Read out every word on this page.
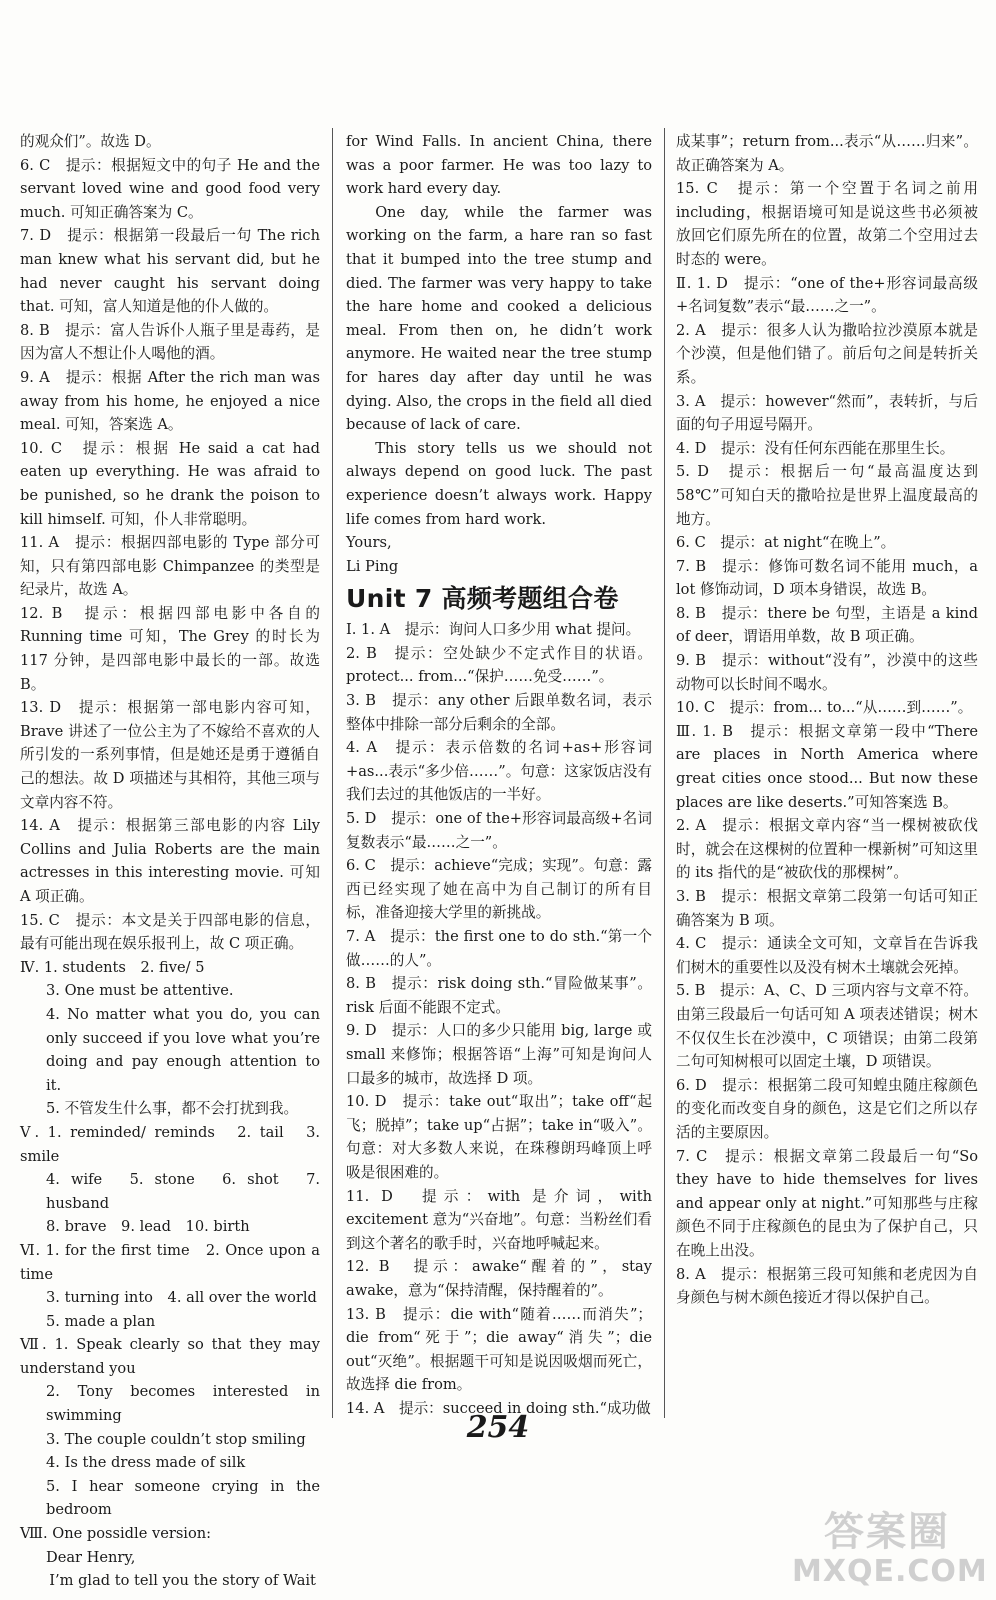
的观众们”。故选 D。

6. C　提示：根据短文中的句子 He and the servant loved wine and good food very much. 可知正确答案为 C。

7. D　提示：根据第一段最后一句 The rich man knew what his servant did, but he had never caught his servant doing that. 可知，富人知道是他的仆人做的。

8. B　提示：富人告诉仆人瓶子里是毒药，是因为富人不想让仆人喝他的酒。

9. A　提示：根据 After the rich man was away from his home, he enjoyed a nice meal. 可知，答案选 A。

10. C　提示：根据 He said a cat had eaten up everything. He was afraid to be punished, so he drank the poison to kill himself. 可知，仆人非常聪明。

11. A　提示：根据四部电影的 Type 部分可知，只有第四部电影 Chimpanzee 的类型是纪录片，故选 A。

12. B　提示：根据四部电影中各自的 Running time 可知，The Grey 的时长为 117 分钟，是四部电影中最长的一部。故选 B。

13. D　提示：根据第一部电影内容可知，Brave 讲述了一位公主为了不嫁给不喜欢的人所引发的一系列事情，但是她还是勇于遵循自己的想法。故 D 项描述与其相符，其他三项与文章内容不符。

14. A　提示：根据第三部电影的内容 Lily Collins and Julia Roberts are the main actresses in this interesting movie. 可知 A 项正确。

15. C　提示：本文是关于四部电影的信息，最有可能出现在娱乐报刊上，故 C 项正确。

Ⅳ. 1. students　2. five/ 5

3. One must be attentive.

4. No matter what you do, you can only succeed if you love what you’re doing and pay enough attention to it.

5. 不管发生什么事，都不会打扰到我。

Ⅴ. 1. reminded/ reminds　2. tail　3. smile

4. wife　5. stone　6. shot　7. husband

8. brave　9. lead　10. birth

Ⅵ. 1. for the first time　2. Once upon a time

3. turning into　4. all over the world

5. made a plan

Ⅶ. 1. Speak clearly so that they may understand you

2. Tony becomes interested in swimming

3. The couple couldn’t stop smiling

4. Is the dress made of silk

5. I hear someone crying in the bedroom

Ⅷ. One possidle version:

Dear Henry,

I’m glad to tell you the story of Wait

for Wind Falls. In ancient China, there was a poor farmer. He was too lazy to work hard every day.

One day, while the farmer was working on the farm, a hare ran so fast that it bumped into the tree stump and died. The farmer was very happy to take the hare home and cooked a delicious meal. From then on, he didn’t work anymore. He waited near the tree stump for hares day after day until he was dying. Also, the crops in the field all died because of lack of care.

This story tells us we should not always depend on good luck. The past experience doesn’t always work. Happy life comes from hard work.

Yours,

Li Ping

Unit 7 高频考题组合卷

Ⅰ. 1. A　提示：询问人口多少用 what 提问。

2. B　提示：空处缺少不定式作目的状语。protect... from...“保护……免受……”。

3. B　提示：any other 后跟单数名词，表示整体中排除一部分后剩余的全部。

4. A　提示：表示倍数的名词+as+形容词+as...表示“多少倍……”。句意：这家饭店没有我们去过的其他饭店的一半好。

5. D　提示：one of the+形容词最高级+名词复数表示“最……之一”。

6. C　提示：achieve“完成；实现”。句意：露西已经实现了她在高中为自己制订的所有目标，准备迎接大学里的新挑战。

7. A　提示：the first one to do sth.“第一个做……的人”。

8. B　提示：risk doing sth.“冒险做某事”。risk 后面不能跟不定式。

9. D　提示：人口的多少只能用 big, large 或 small 来修饰；根据答语“上海”可知是询问人口最多的城市，故选择 D 项。

10. D　提示：take out“取出”；take off“起飞；脱掉”；take up“占据”；take in“吸入”。句意：对大多数人来说，在珠穆朗玛峰顶上呼吸是很困难的。

11. D　提示：with 是介词，with excitement 意为“兴奋地”。句意：当粉丝们看到这个著名的歌手时，兴奋地呼喊起来。

12. B　提示：awake“醒着的”，stay awake，意为“保持清醒，保持醒着的”。

13. B　提示：die with“随着……而消失”；die from“死于”；die away“消失”；die out“灭绝”。根据题干可知是说因吸烟而死亡，故选择 die from。

14. A　提示：succeed in doing sth.“成功做

成某事”；return from...表示“从……归来”。故正确答案为 A。

15. C　提示：第一个空置于名词之前用 including，根据语境可知是说这些书必须被放回它们原先所在的位置，故第二个空用过去时态的 were。

Ⅱ. 1. D　提示：“one of the+形容词最高级+名词复数”表示“最……之一”。

2. A　提示：很多人认为撒哈拉沙漠原本就是个沙漠，但是他们错了。前后句之间是转折关系。

3. A　提示：however“然而”，表转折，与后面的句子用逗号隔开。

4. D　提示：没有任何东西能在那里生长。

5. D　提示：根据后一句“最高温度达到 58℃”可知白天的撒哈拉是世界上温度最高的地方。

6. C　提示：at night“在晚上”。

7. B　提示：修饰可数名词不能用 much，a lot 修饰动词，D 项本身错误，故选 B。

8. B　提示：there be 句型，主语是 a kind of deer，谓语用单数，故 B 项正确。

9. B　提示：without“没有”，沙漠中的这些动物可以长时间不喝水。

10. C　提示：from... to...“从……到……”。

Ⅲ. 1. B　提示：根据文章第一段中“There are places in North America where great cities once stood... But now these places are like deserts.”可知答案选 B。

2. A　提示：根据文章内容“当一棵树被砍伐时，就会在这棵树的位置种一棵新树”可知这里的 its 指代的是“被砍伐的那棵树”。

3. B　提示：根据文章第二段第一句话可知正确答案为 B 项。

4. C　提示：通读全文可知，文章旨在告诉我们树木的重要性以及没有树木土壤就会死掉。

5. B　提示：A、C、D 三项内容与文章不符。由第三段最后一句话可知 A 项表述错误；树木不仅仅生长在沙漠中，C 项错误；由第二段第二句可知树根可以固定土壤，D 项错误。

6. D　提示：根据第二段可知蝗虫随庄稼颜色的变化而改变自身的颜色，这是它们之所以存活的主要原因。

7. C　提示：根据文章第二段最后一句“So they have to hide themselves for lives and appear only at night.”可知那些与庄稼颜色不同于庄稼颜色的昆虫为了保护自己，只在晚上出没。

8. A　提示：根据第三段可知熊和老虎因为自身颜色与树木颜色接近才得以保护自己。

254
答案圈
MXQE.COM
